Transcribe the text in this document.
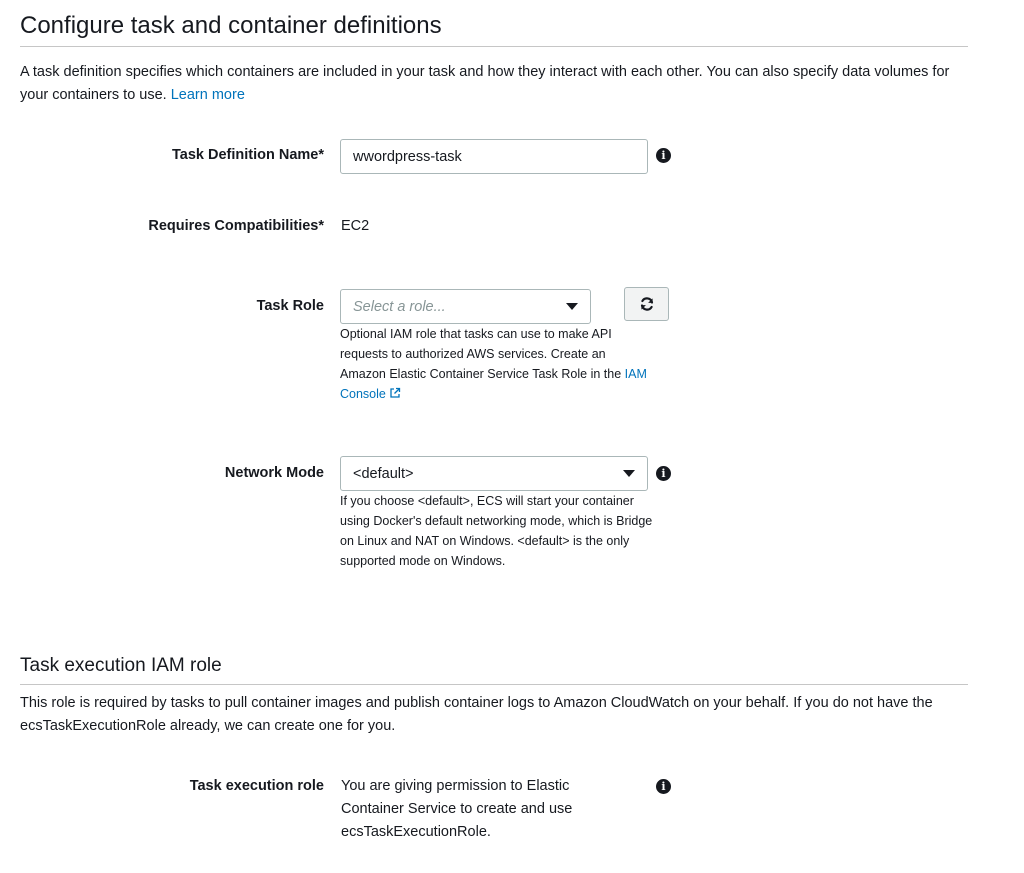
Configure task and container definitions
A task definition specifies which containers are included in your task and how they interact with each other. You can also specify data volumes for your containers to use. Learn more
Task Definition Name*
wwordpress-task	i
Requires Compatibilities* EC2
Task Role Select a role...
Optional IAM role that tasks can use to make API requests to authorized AWS services. Create an Amazon Elastic Container Service Task Role in the IAM Console
Network Mode <default>	i
If you choose <default>, ECS will start your container using Docker's default networking mode, which is Bridge on Linux and NAT on Windows. <default> is the only supported mode on Windows.
Task execution IAM role
This role is required by tasks to pull container images and publish container logs to Amazon CloudWatch on your behalf. If you do not have the ecsTaskExecutionRole already, we can create one for you.
Task execution role You are giving permission to Elastic Container Service to create and use ecsTaskExecutionRole.
i
